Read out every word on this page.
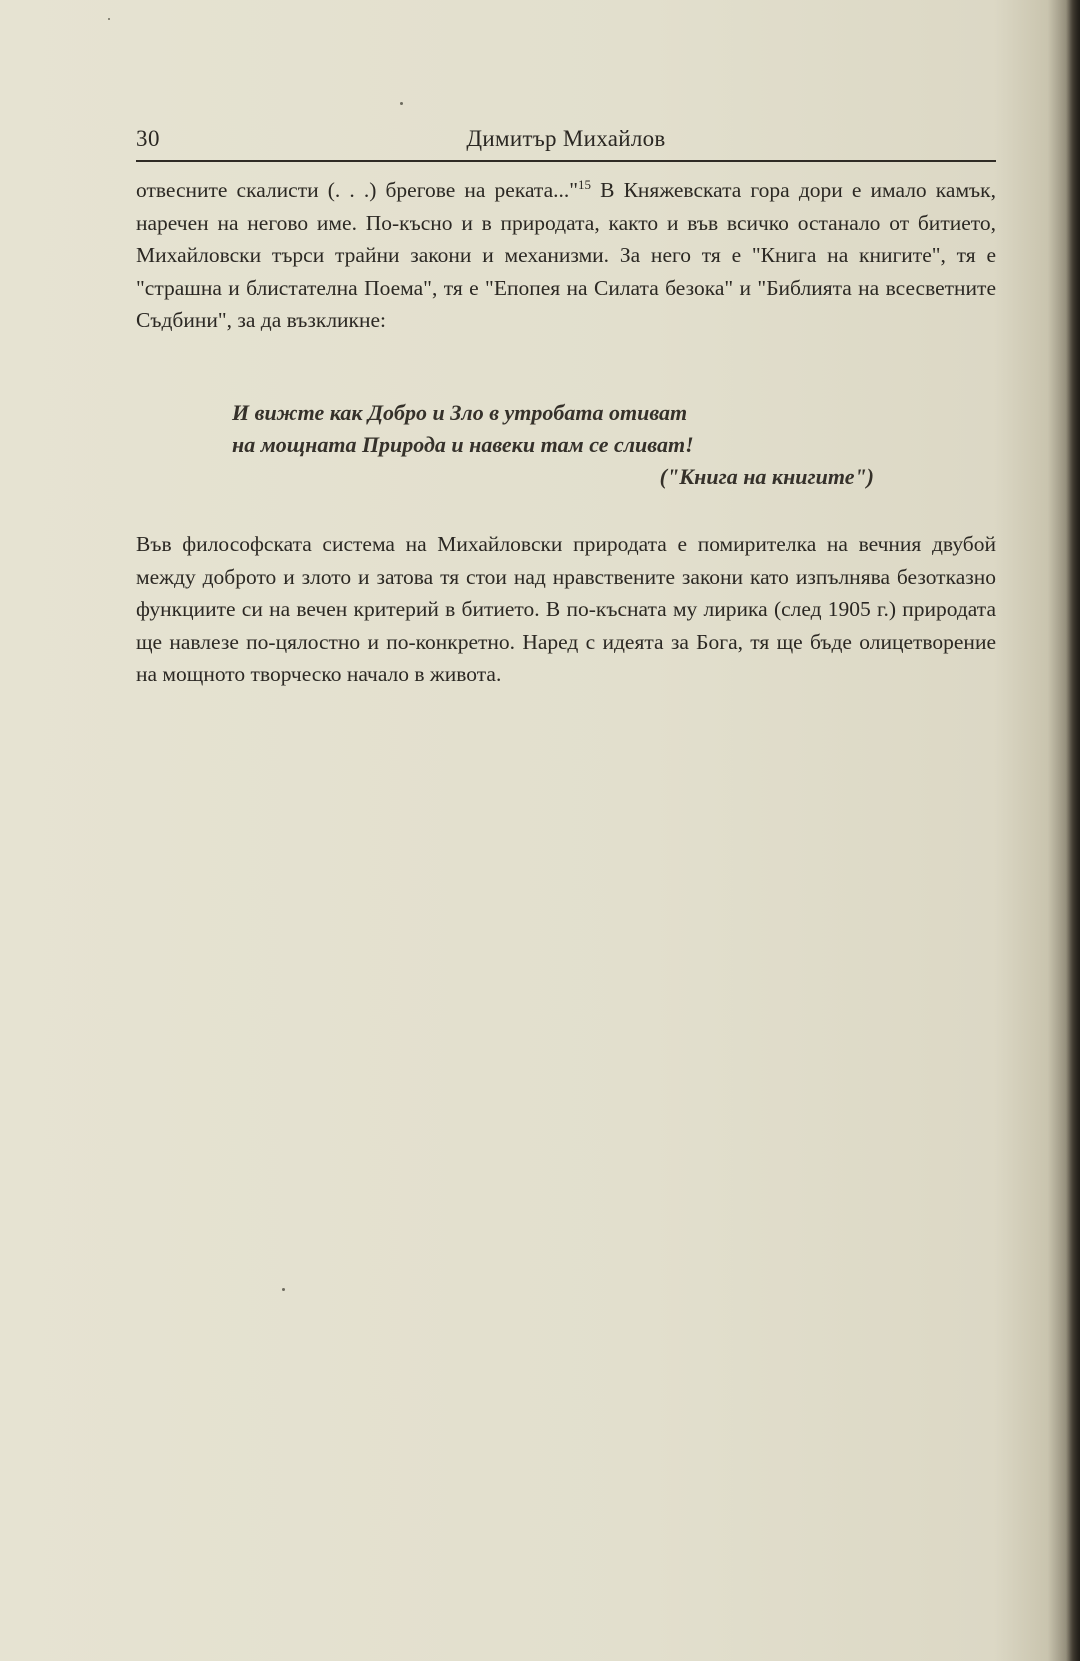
30	Димитър Михайлов
отвесните скалисти (. . .) брегове на реката..."$^{15}$ В Княжевската гора дори е имало камък, наречен на негово име. По-късно и в природата, както и във всичко останало от битието, Михайловски търси трайни закони и механизми. За него тя е "Книга на книгите", тя е "страшна и блистателна Поема", тя е "Епопея на Силата безока" и "Библията на всесветните Съдбини", за да възкликне:
И вижте как Добро и Зло в утробата отиват
на мощната Природа и навеки там се сливат!
("Книга на книгите")
Във философската система на Михайловски природата е помирителка на вечния двубой между доброто и злото и затова тя стои над нравствените закони като изпълнява безотказно функциите си на вечен критерий в битието. В по-късната му лирика (след 1905 г.) природата ще навлезе по-цялостно и по-конкретно. Наред с идеята за Бога, тя ще бъде олицетворение на мощното творческо начало в живота.
